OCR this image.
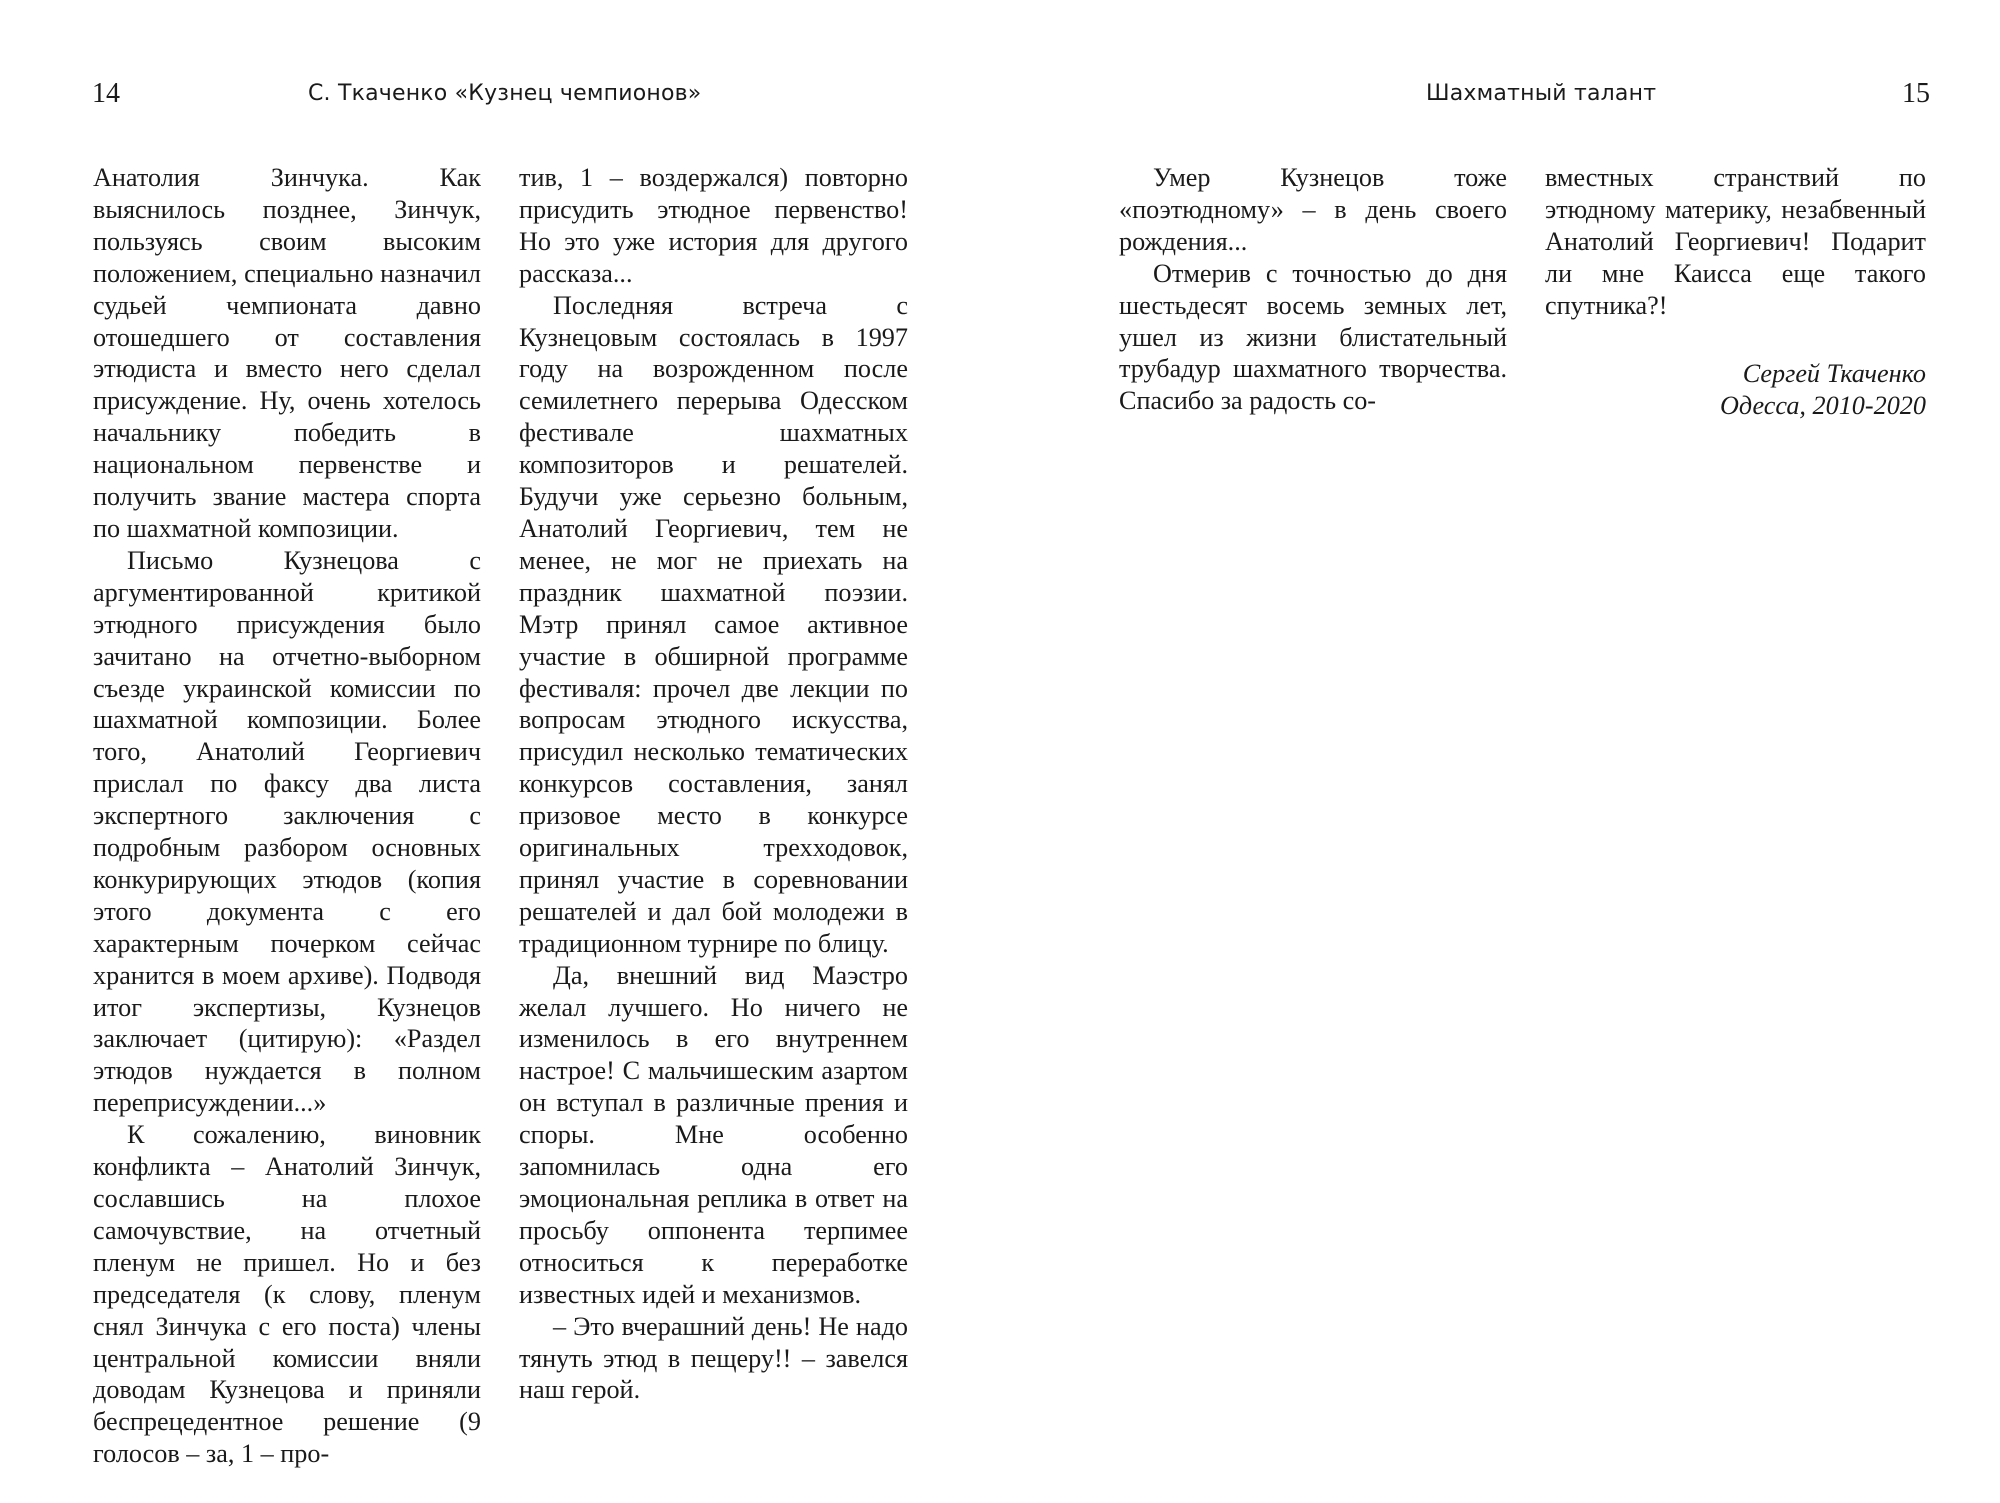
14	С. Ткаченко «Кузнец чемпионов»

Анатолия Зинчука. Как выяснилось позднее, Зинчук, пользуясь своим высоким положением, специально назначил судьей чемпионата давно отошедшего от составления этюдиста и вместо него сделал присуждение. Ну, очень хотелось начальнику победить в национальном первенстве и получить звание мастера спорта по шахматной композиции.

Письмо Кузнецова с аргументированной критикой этюдного присуждения было зачитано на отчетно-выборном съезде украинской комиссии по шахматной композиции. Более того, Анатолий Георгиевич прислал по факсу два листа экспертного заключения с подробным разбором основных конкурирующих этюдов (копия этого документа с его характерным почерком сейчас хранится в моем архиве). Подводя итог экспертизы, Кузнецов заключает (цитирую): «Раздел этюдов нуждается в полном переприсуждении...»

К сожалению, виновник конфликта – Анатолий Зинчук, сославшись на плохое самочувствие, на отчетный пленум не пришел. Но и без председателя (к слову, пленум снял Зинчука с его поста) члены центральной комиссии вняли доводам Кузнецова и приняли беспрецедентное решение (9 голосов – за, 1 – про-

тив, 1 – воздержался) повторно присудить этюдное первенство! Но это уже история для другого рассказа...

Последняя встреча с Кузнецовым состоялась в 1997 году на возрожденном после семилетнего перерыва Одесском фестивале шахматных композиторов и решателей. Будучи уже серьезно больным, Анатолий Георгиевич, тем не менее, не мог не приехать на праздник шахматной поэзии. Мэтр принял самое активное участие в обширной программе фестиваля: прочел две лекции по вопросам этюдного искусства, присудил несколько тематических конкурсов составления, занял призовое место в конкурсе оригинальных трехходовок, принял участие в соревновании решателей и дал бой молодежи в традиционном турнире по блицу.

Да, внешний вид Маэстро желал лучшего. Но ничего не изменилось в его внутреннем настрое! С мальчишеским азартом он вступал в различные прения и споры. Мне особенно запомнилась одна его эмоциональная реплика в ответ на просьбу оппонента терпимее относиться к переработке известных идей и механизмов.

– Это вчерашний день! Не надо тянуть этюд в пещеру!! – завелся наш герой.

Шахматный талант	15

Умер Кузнецов тоже «поэтюдному» – в день своего рождения...

Отмерив с точностью до дня шестьдесят восемь земных лет, ушел из жизни блистательный трубадур шахматного творчества. Спасибо за радость со-

вместных странствий по этюдному материку, незабвенный Анатолий Георгиевич! Подарит ли мне Каисса еще такого спутника?!

Сергей Ткаченко
Одесса, 2010-2020
